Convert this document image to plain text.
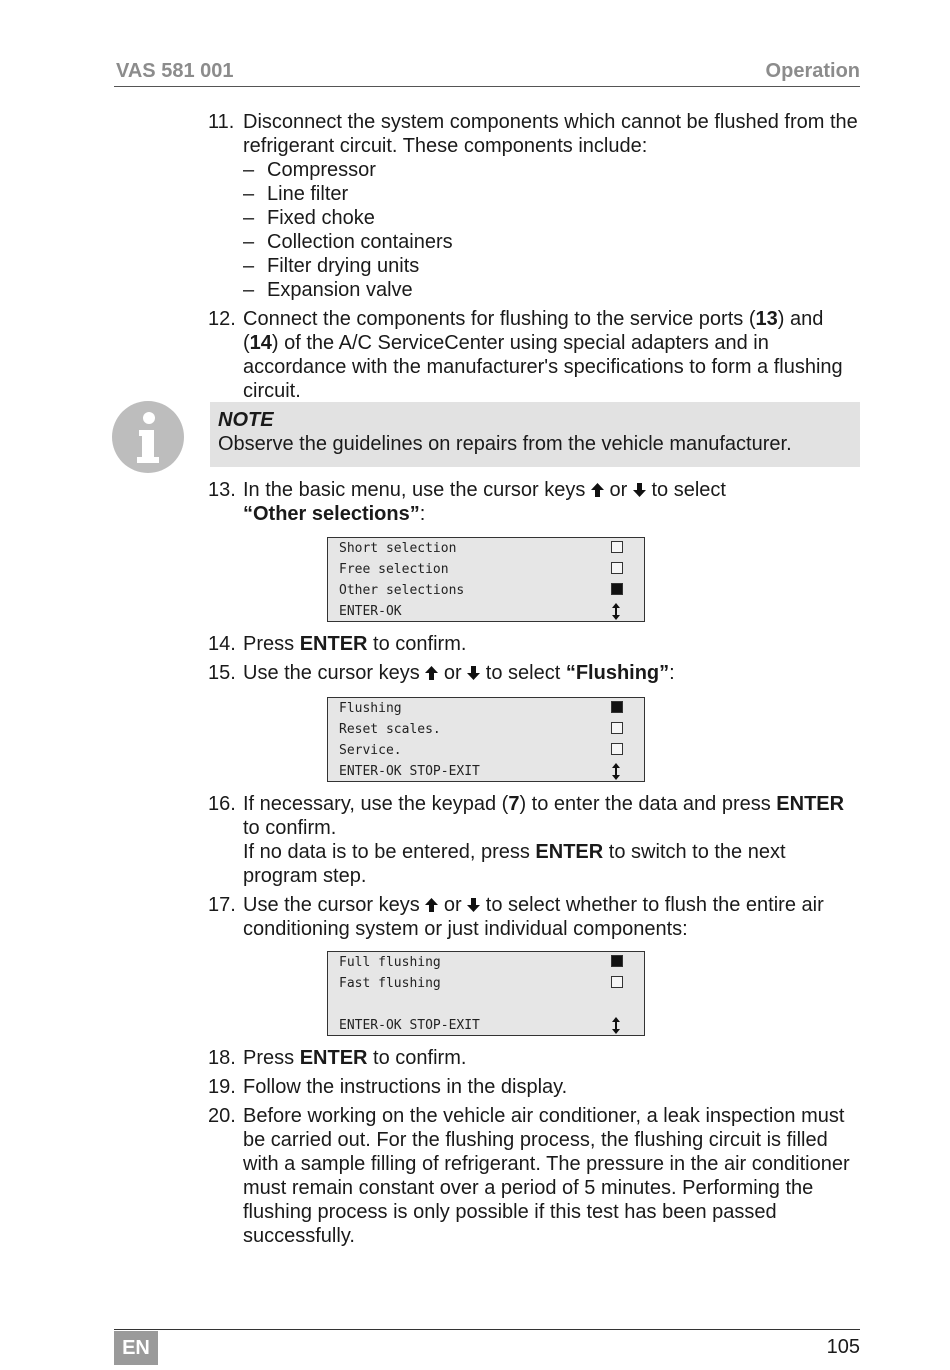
VAS 581 001	Operation
11. Disconnect the system components which cannot be flushed from the refrigerant circuit. These components include:
– Compressor
– Line filter
– Fixed choke
– Collection containers
– Filter drying units
– Expansion valve
12. Connect the components for flushing to the service ports (13) and (14) of the A/C ServiceCenter using special adapters and in accordance with the manufacturer's specifications to form a flushing circuit.
NOTE
Observe the guidelines on repairs from the vehicle manufacturer.
13. In the basic menu, use the cursor keys or to select
“Other selections”:
Short selection
Free selection
Other selections
ENTER-OK
14. Press ENTER to confirm.
15. Use the cursor keys or to select “Flushing”:
Flushing
Reset scales.
Service.
ENTER-OK STOP-EXIT
16. If necessary, use the keypad (7) to enter the data and press ENTER to confirm.
If no data is to be entered, press ENTER to switch to the next program step.
17. Use the cursor keys or to select whether to flush the entire air conditioning system or just individual components:
Full flushing
Fast flushing
ENTER-OK STOP-EXIT
18. Press ENTER to confirm.
19. Follow the instructions in the display.
20. Before working on the vehicle air conditioner, a leak inspection must be carried out. For the flushing process, the flushing circuit is filled with a sample filling of refrigerant. The pressure in the air conditioner must remain constant over a period of 5 minutes. Performing the flushing process is only possible if this test has been passed successfully.
EN	105
